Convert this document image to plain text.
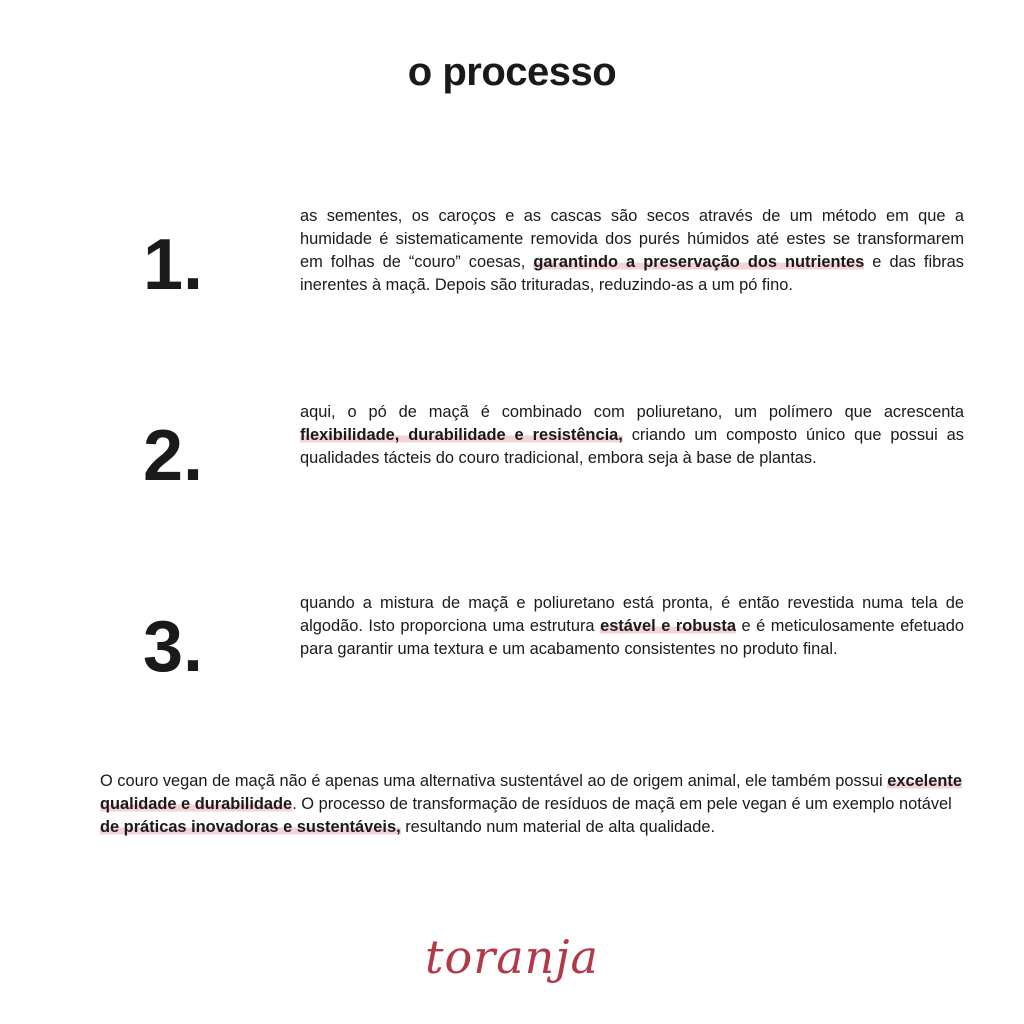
o processo
1.

as sementes, os caroços e as cascas são secos através de um método em que a humidade é sistematicamente removida dos purés húmidos até estes se transformarem em folhas de “couro” coesas, garantindo a preservação dos nutrientes e das fibras inerentes à maçã. Depois são trituradas, reduzindo-as a um pó fino.

2.

aqui, o pó de maçã é combinado com poliuretano, um polímero que acrescenta flexibilidade, durabilidade e resistência, criando um composto único que possui as qualidades tácteis do couro tradicional, embora seja à base de plantas.

3.

quando a mistura de maçã e poliuretano está pronta, é então revestida numa tela de algodão. Isto proporciona uma estrutura estável e robusta e é meticulosamente efetuado para garantir uma textura e um acabamento consistentes no produto final.

O couro vegan de maçã não é apenas uma alternativa sustentável ao de origem animal, ele também possui excelente qualidade e durabilidade. O processo de transformação de resíduos de maçã em pele vegan é um exemplo notável de práticas inovadoras e sustentáveis, resultando num material de alta qualidade.

toranja
